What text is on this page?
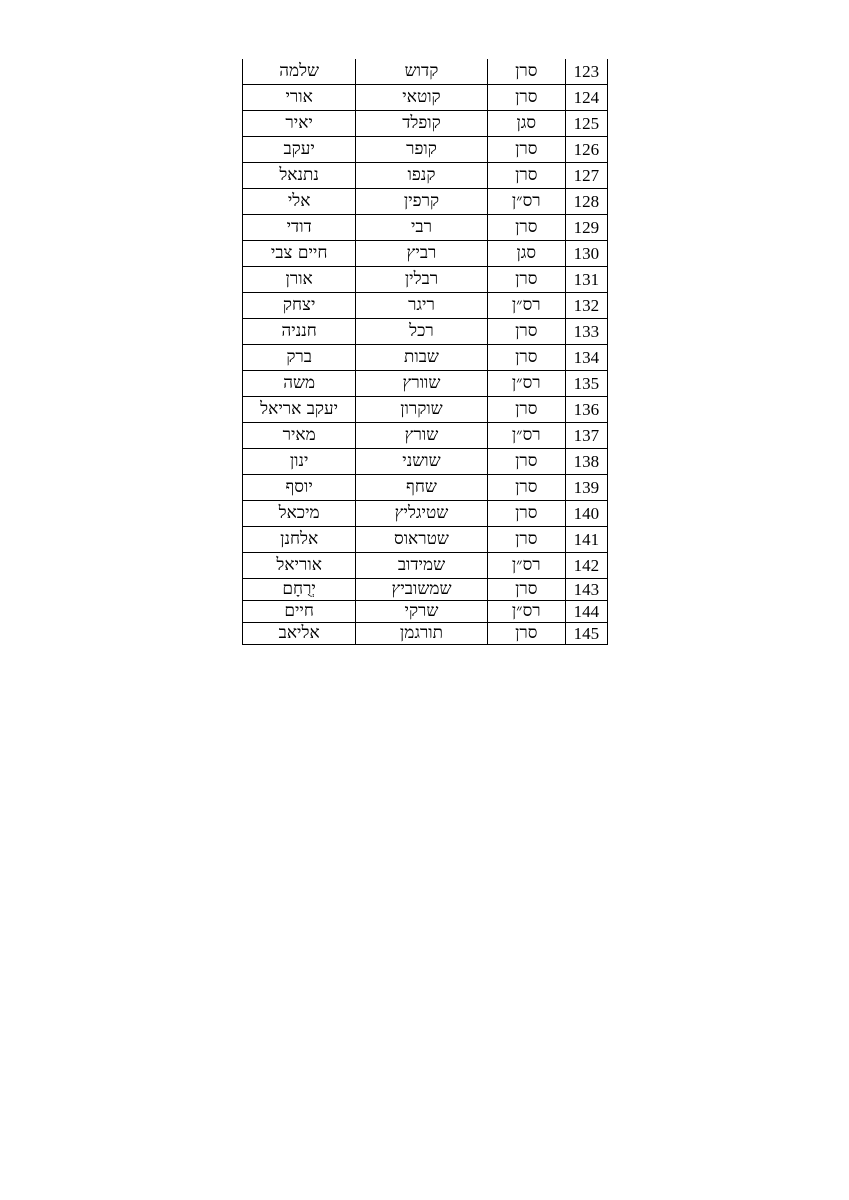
שלמה	קדוש	סרן	123
אורי	קוטאי	סרן	124
יאיר	קופלד	סגן	125
יעקב	קופר	סרן	126
נתנאל	קנפו	סרן	127
אלי	קרפין	רס״ן	128
דודי	רבי	סרן	129
חיים צבי	רביץ	סגן	130
אורן	רבלין	סרן	131
יצחק	ריגר	רס״ן	132
חנניה	רכל	סרן	133
ברק	שבות	סרן	134
משה	שוורץ	רס״ן	135
יעקב אריאל	שוקרון	סרן	136
מאיר	שורץ	רס״ן	137
ינון	שושני	סרן	138
יוסף	שחף	סרן	139
מיכאל	שטיגליץ	סרן	140
אלחנן	שטראוס	סרן	141
אוריאל	שמידוב	רס״ן	142
יְרֻחָם	שמשוביץ	סרן	143
חיים	שרקי	רס״ן	144
אליאב	תורגמן	סרן	145
